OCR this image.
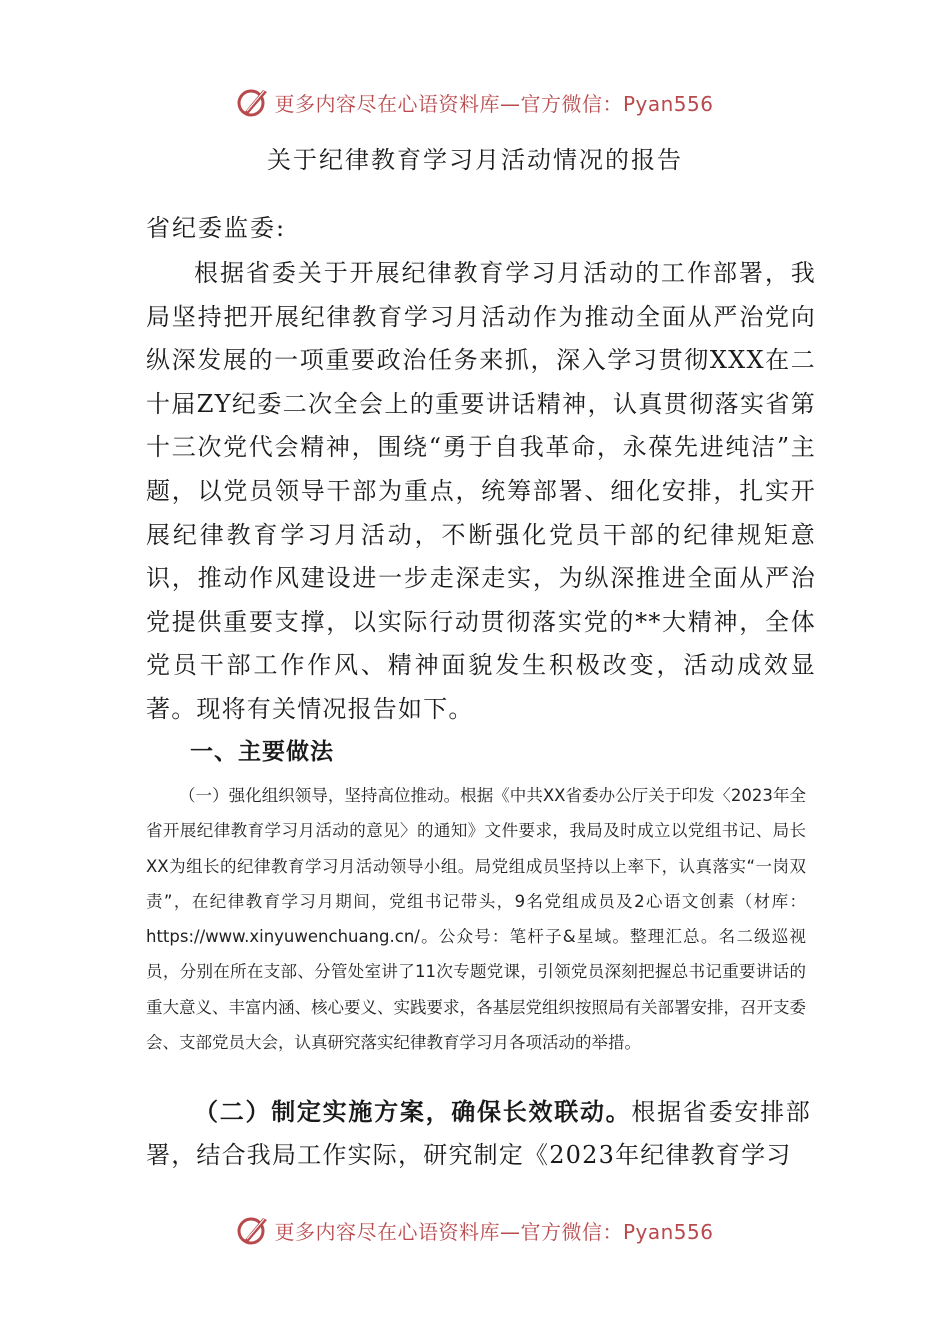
更多内容尽在心语资料库—官方微信：Pyan556
关于纪律教育学习月活动情况的报告
省纪委监委:

根据省委关于开展纪律教育学习月活动的工作部署，我局坚持把开展纪律教育学习月活动作为推动全面从严治党向纵深发展的一项重要政治任务来抓，深入学习贯彻XXX在二十届ZY纪委二次全会上的重要讲话精神，认真贯彻落实省第十三次党代会精神，围绕“勇于自我革命，永葆先进纯洁”主题，以党员领导干部为重点，统筹部署、细化安排，扎实开展纪律教育学习月活动，不断强化党员干部的纪律规矩意识，推动作风建设进一步走深走实，为纵深推进全面从严治党提供重要支撑，以实际行动贯彻落实党的**大精神，全体党员干部工作作风、精神面貌发生积极改变，活动成效显著。现将有关情况报告如下。

一、主要做法

（一）强化组织领导，坚持高位推动。根据《中共XX省委办公厅关于印发〈2023年全省开展纪律教育学习月活动的意见〉的通知》文件要求，我局及时成立以党组书记、局长XX为组长的纪律教育学习月活动领导小组。局党组成员坚持以上率下，认真落实“一岗双责”，在纪律教育学习月期间，党组书记带头，9名党组成员及2心语文创素（材库：https://www.xinyuwenchuang.cn/。公众号：笔杆子&星域。整理汇总。名二级巡视员，分别在所在支部、分管处室讲了11次专题党课，引领党员深刻把握总书记重要讲话的重大意义、丰富内涵、核心要义、实践要求，各基层党组织按照局有关部署安排，召开支委会、支部党员大会，认真研究落实纪律教育学习月各项活动的举措。

（二）制定实施方案，确保长效联动。根据省委安排部署，结合我局工作实际，研究制定《2023年纪律教育学习

更多内容尽在心语资料库—官方微信：Pyan556
